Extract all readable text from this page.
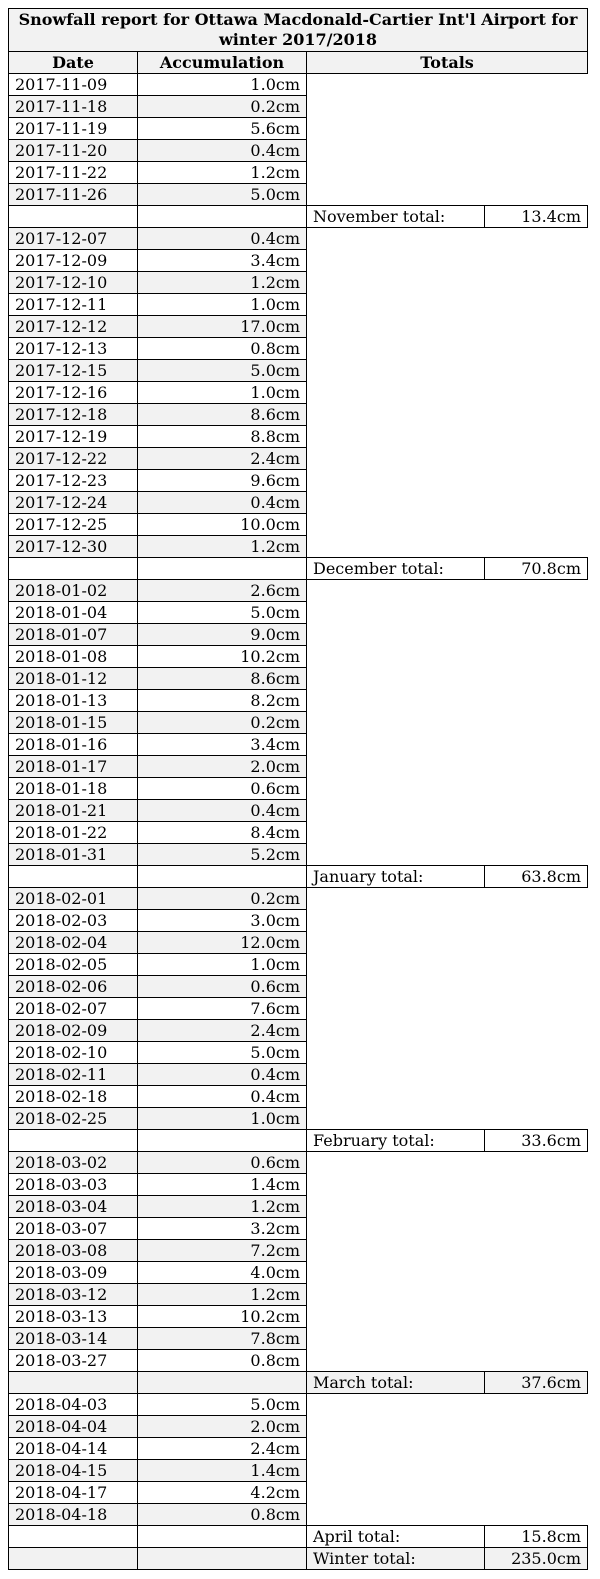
Snowfall report for Ottawa Macdonald-Cartier Int'l Airport for winter 2017/2018
Date	Accumulation	Totals	
2017-11-09	1.0cm		
2017-11-18	0.2cm		
2017-11-19	5.6cm		
2017-11-20	0.4cm		
2017-11-22	1.2cm		
2017-11-26	5.0cm		
		November total:	13.4cm
2017-12-07	0.4cm		
2017-12-09	3.4cm		
2017-12-10	1.2cm		
2017-12-11	1.0cm		
2017-12-12	17.0cm		
2017-12-13	0.8cm		
2017-12-15	5.0cm		
2017-12-16	1.0cm		
2017-12-18	8.6cm		
2017-12-19	8.8cm		
2017-12-22	2.4cm		
2017-12-23	9.6cm		
2017-12-24	0.4cm		
2017-12-25	10.0cm		
2017-12-30	1.2cm		
		December total:	70.8cm
2018-01-02	2.6cm		
2018-01-04	5.0cm		
2018-01-07	9.0cm		
2018-01-08	10.2cm		
2018-01-12	8.6cm		
2018-01-13	8.2cm		
2018-01-15	0.2cm		
2018-01-16	3.4cm		
2018-01-17	2.0cm		
2018-01-18	0.6cm		
2018-01-21	0.4cm		
2018-01-22	8.4cm		
2018-01-31	5.2cm		
		January total:	63.8cm
2018-02-01	0.2cm		
2018-02-03	3.0cm		
2018-02-04	12.0cm		
2018-02-05	1.0cm		
2018-02-06	0.6cm		
2018-02-07	7.6cm		
2018-02-09	2.4cm		
2018-02-10	5.0cm		
2018-02-11	0.4cm		
2018-02-18	0.4cm		
2018-02-25	1.0cm		
		February total:	33.6cm
2018-03-02	0.6cm		
2018-03-03	1.4cm		
2018-03-04	1.2cm		
2018-03-07	3.2cm		
2018-03-08	7.2cm		
2018-03-09	4.0cm		
2018-03-12	1.2cm		
2018-03-13	10.2cm		
2018-03-14	7.8cm		
2018-03-27	0.8cm		
		March total:	37.6cm
2018-04-03	5.0cm		
2018-04-04	2.0cm		
2018-04-14	2.4cm		
2018-04-15	1.4cm		
2018-04-17	4.2cm		
2018-04-18	0.8cm		
		April total:	15.8cm
		Winter total:	235.0cm
